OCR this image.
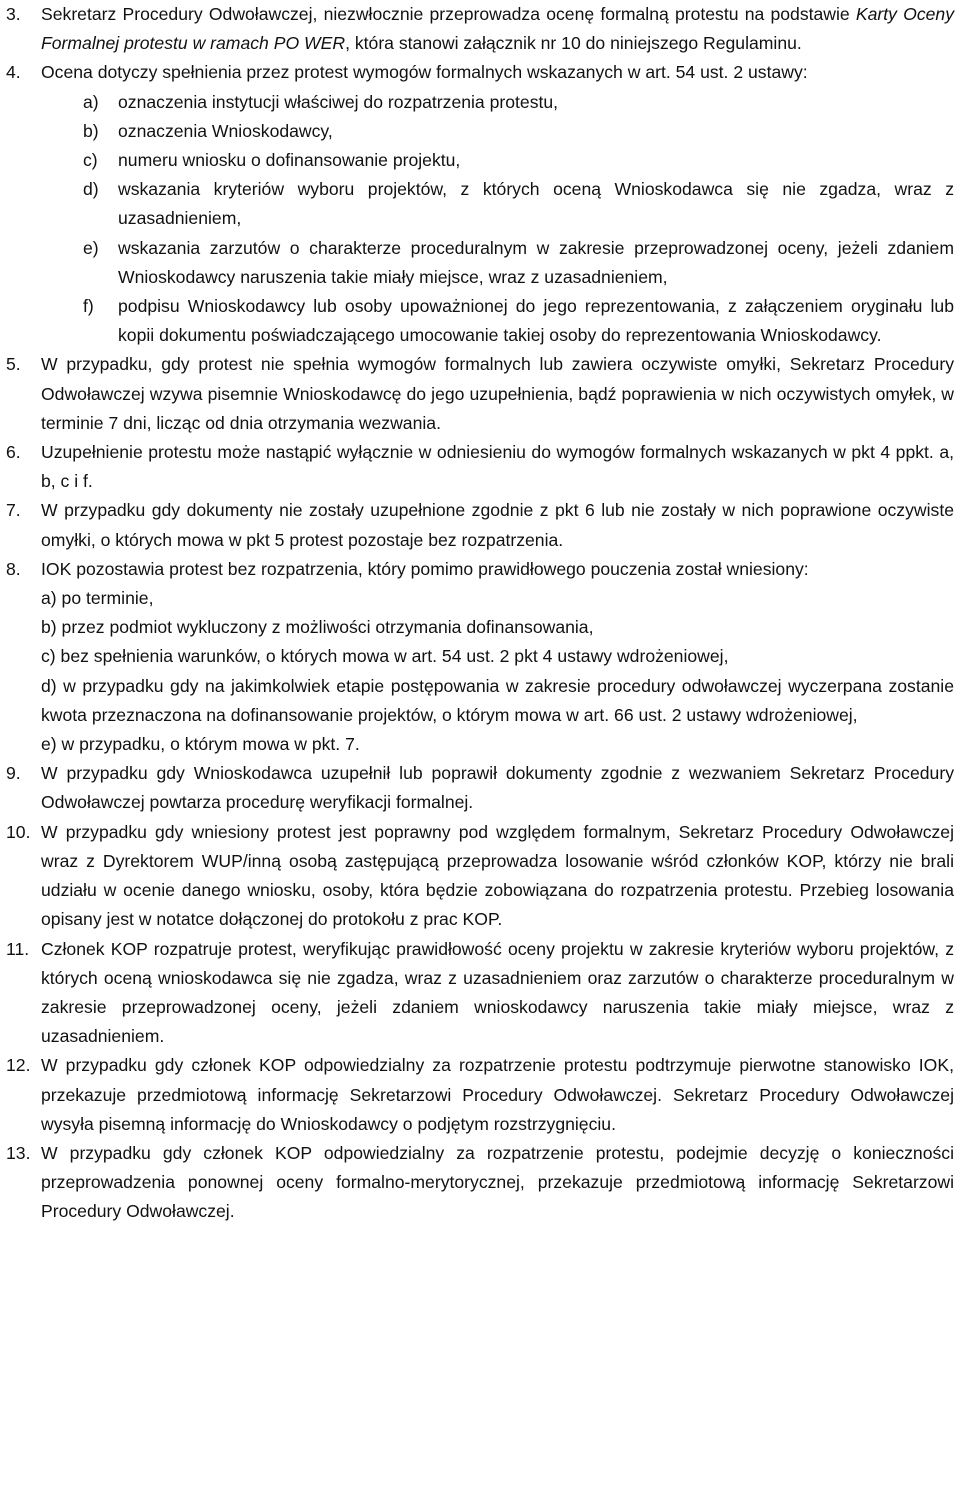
3. Sekretarz Procedury Odwoławczej, niezwłocznie przeprowadza ocenę formalną protestu na podstawie Karty Oceny Formalnej protestu w ramach PO WER, która stanowi załącznik nr 10 do niniejszego Regulaminu.
4. Ocena dotyczy spełnienia przez protest wymogów formalnych wskazanych w art. 54 ust. 2 ustawy:
a) oznaczenia instytucji właściwej do rozpatrzenia protestu,
b) oznaczenia Wnioskodawcy,
c) numeru wniosku o dofinansowanie projektu,
d) wskazania kryteriów wyboru projektów, z których oceną Wnioskodawca się nie zgadza, wraz z uzasadnieniem,
e) wskazania zarzutów o charakterze proceduralnym w zakresie przeprowadzonej oceny, jeżeli zdaniem Wnioskodawcy naruszenia takie miały miejsce, wraz z uzasadnieniem,
f) podpisu Wnioskodawcy lub osoby upoważnionej do jego reprezentowania, z załączeniem oryginału lub kopii dokumentu poświadczającego umocowanie takiej osoby do reprezentowania Wnioskodawcy.
5. W przypadku, gdy protest nie spełnia wymogów formalnych lub zawiera oczywiste omyłki, Sekretarz Procedury Odwoławczej wzywa pisemnie Wnioskodawcę do jego uzupełnienia, bądź poprawienia w nich oczywistych omyłek, w terminie 7 dni, licząc od dnia otrzymania wezwania.
6. Uzupełnienie protestu może nastąpić wyłącznie w odniesieniu do wymogów formalnych wskazanych w pkt 4 ppkt. a, b, c i f.
7. W przypadku gdy dokumenty nie zostały uzupełnione zgodnie z pkt 6 lub nie zostały w nich poprawione oczywiste omyłki, o których mowa w pkt 5 protest pozostaje bez rozpatrzenia.
8. IOK pozostawia protest bez rozpatrzenia, który pomimo prawidłowego pouczenia został wniesiony:
a) po terminie,
b) przez podmiot wykluczony z możliwości otrzymania dofinansowania,
c) bez spełnienia warunków, o których mowa w art. 54 ust. 2 pkt 4 ustawy wdrożeniowej,
d) w przypadku gdy na jakimkolwiek etapie postępowania w zakresie procedury odwoławczej wyczerpana zostanie kwota przeznaczona na dofinansowanie projektów, o którym mowa w art. 66 ust. 2 ustawy wdrożeniowej,
e) w przypadku, o którym mowa w pkt. 7.
9. W przypadku gdy Wnioskodawca uzupełnił lub poprawił dokumenty zgodnie z wezwaniem Sekretarz Procedury Odwoławczej powtarza procedurę weryfikacji formalnej.
10. W przypadku gdy wniesiony protest jest poprawny pod względem formalnym, Sekretarz Procedury Odwoławczej wraz z Dyrektorem WUP/inną osobą zastępującą przeprowadza losowanie wśród członków KOP, którzy nie brali udziału w ocenie danego wniosku, osoby, która będzie zobowiązana do rozpatrzenia protestu. Przebieg losowania opisany jest w notatce dołączonej do protokołu z prac KOP.
11. Członek KOP rozpatruje protest, weryfikując prawidłowość oceny projektu w zakresie kryteriów wyboru projektów, z których oceną wnioskodawca się nie zgadza, wraz z uzasadnieniem oraz zarzutów o charakterze proceduralnym w zakresie przeprowadzonej oceny, jeżeli zdaniem wnioskodawcy naruszenia takie miały miejsce, wraz z uzasadnieniem.
12. W przypadku gdy członek KOP odpowiedzialny za rozpatrzenie protestu podtrzymuje pierwotne stanowisko IOK, przekazuje przedmiotową informację Sekretarzowi Procedury Odwoławczej. Sekretarz Procedury Odwoławczej wysyła pisemną informację do Wnioskodawcy o podjętym rozstrzygnięciu.
13. W przypadku gdy członek KOP odpowiedzialny za rozpatrzenie protestu, podejmie decyzję o konieczności przeprowadzenia ponownej oceny formalno-merytorycznej, przekazuje przedmiotową informację Sekretarzowi Procedury Odwoławczej.
